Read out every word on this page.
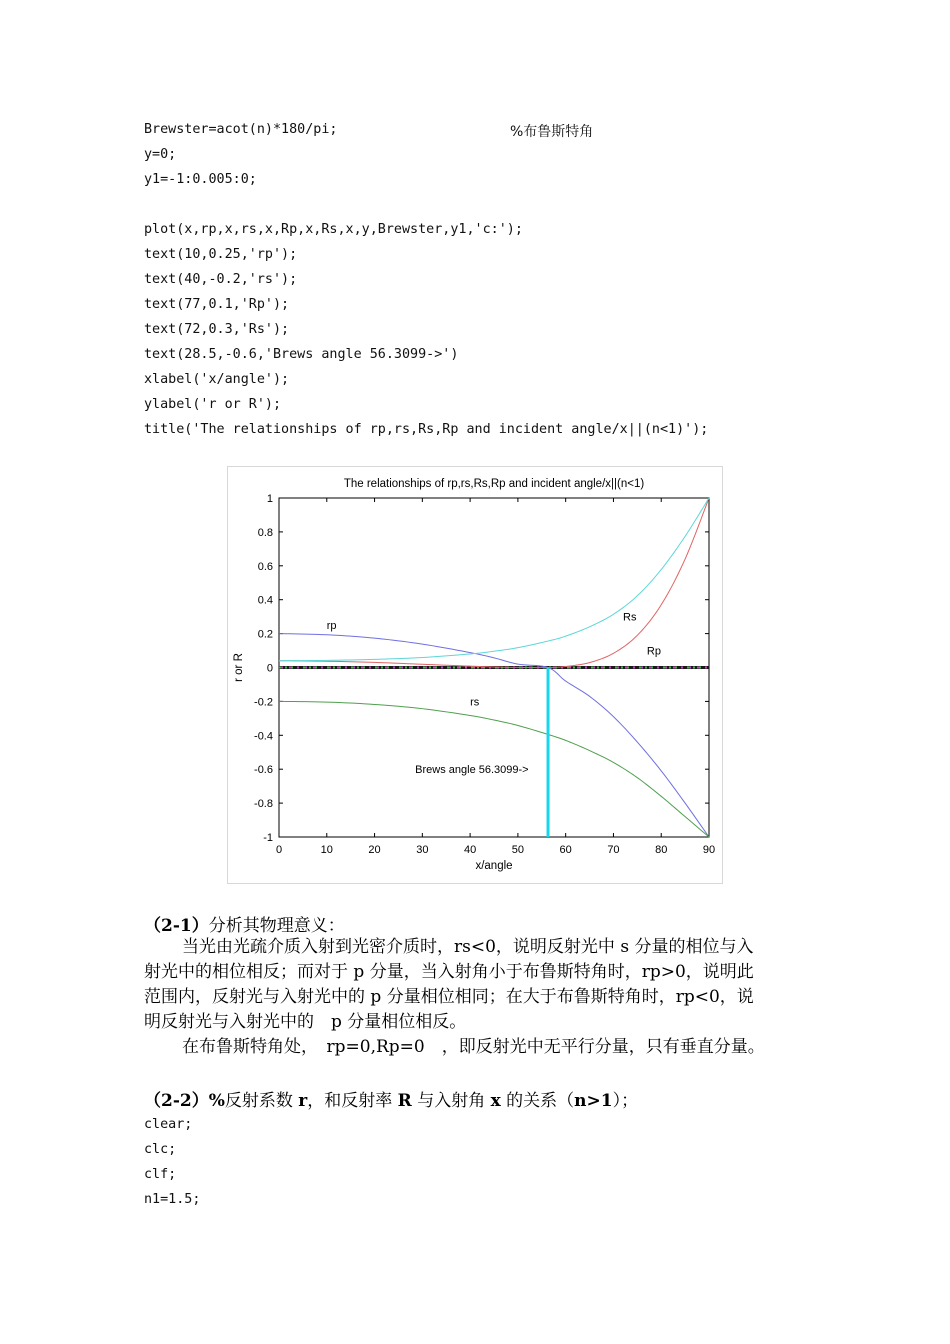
Brewster=acot(n)*180/pi;	%布鲁斯特角
y=0;
y1=-1:0.005:0;
plot(x,rp,x,rs,x,Rp,x,Rs,x,y,Brewster,y1,'c:');
text(10,0.25,'rp');
text(40,-0.2,'rs');
text(77,0.1,'Rp');
text(72,0.3,'Rs');
text(28.5,-0.6,'Brews angle 56.3099->')
xlabel('x/angle');
ylabel('r or R');
title('The relationships of rp,rs,Rs,Rp and incident angle/x||(n<1)');
The relationships of rp,rs,Rs,Rp and incident angle/x||(n<1)
0	10	20	30	40	50	60	70	80	90
1
0.8
0.6
0.4
0.2
0
-0.2
-0.4
-0.6
-0.8
-1
x/angle
r or R
rp
rs
Rp
Rs
Brews angle 56.3099->
（2-1）分析其物理意义：
当光由光疏介质入射到光密介质时，rs<0，说明反射光中 s 分量的相位与入
射光中的相位相反；而对于 p 分量，当入射角小于布鲁斯特角时，rp>0，说明此
范围内，反射光与入射光中的 p 分量相位相同；在大于布鲁斯特角时，rp<0，说
明反射光与入射光中的　p 分量相位相反。
在布鲁斯特角处，　rp=0,Rp=0　，即反射光中无平行分量，只有垂直分量。
（2-2）%反射系数 r，和反射率 R 与入射角 x 的关系（n>1）；
clear;
clc;
clf;
n1=1.5;
